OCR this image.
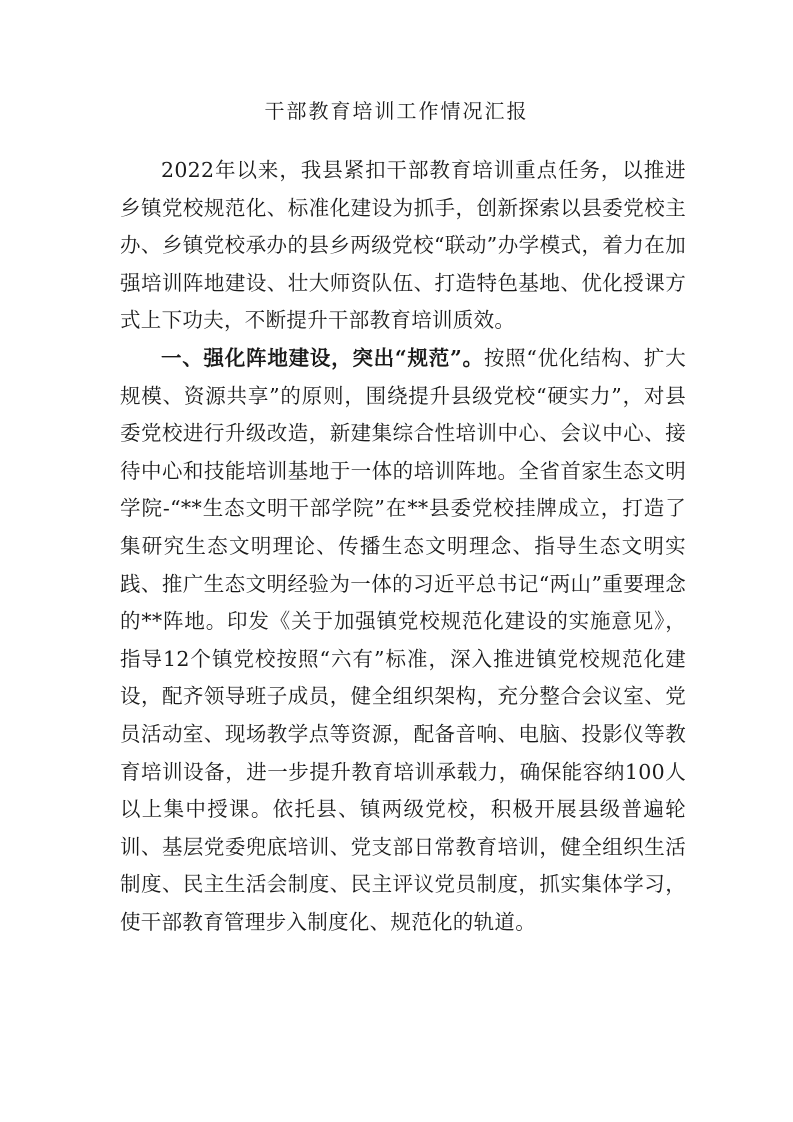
干部教育培训工作情况汇报

2022年以来，我县紧扣干部教育培训重点任务，以推进乡镇党校规范化、标准化建设为抓手，创新探索以县委党校主办、乡镇党校承办的县乡两级党校“联动”办学模式，着力在加强培训阵地建设、壮大师资队伍、打造特色基地、优化授课方式上下功夫，不断提升干部教育培训质效。

一、强化阵地建设，突出“规范”。按照“优化结构、扩大规模、资源共享”的原则，围绕提升县级党校“硬实力”，对县委党校进行升级改造，新建集综合性培训中心、会议中心、接待中心和技能培训基地于一体的培训阵地。全省首家生态文明学院-“**生态文明干部学院”在**县委党校挂牌成立，打造了集研究生态文明理论、传播生态文明理念、指导生态文明实践、推广生态文明经验为一体的习近平总书记“两山”重要理念的**阵地。印发《关于加强镇党校规范化建设的实施意见》，指导12个镇党校按照“六有”标准，深入推进镇党校规范化建设，配齐领导班子成员，健全组织架构，充分整合会议室、党员活动室、现场教学点等资源，配备音响、电脑、投影仪等教育培训设备，进一步提升教育培训承载力，确保能容纳100人以上集中授课。依托县、镇两级党校，积极开展县级普遍轮训、基层党委兜底培训、党支部日常教育培训，健全组织生活制度、民主生活会制度、民主评议党员制度，抓实集体学习，使干部教育管理步入制度化、规范化的轨道。
